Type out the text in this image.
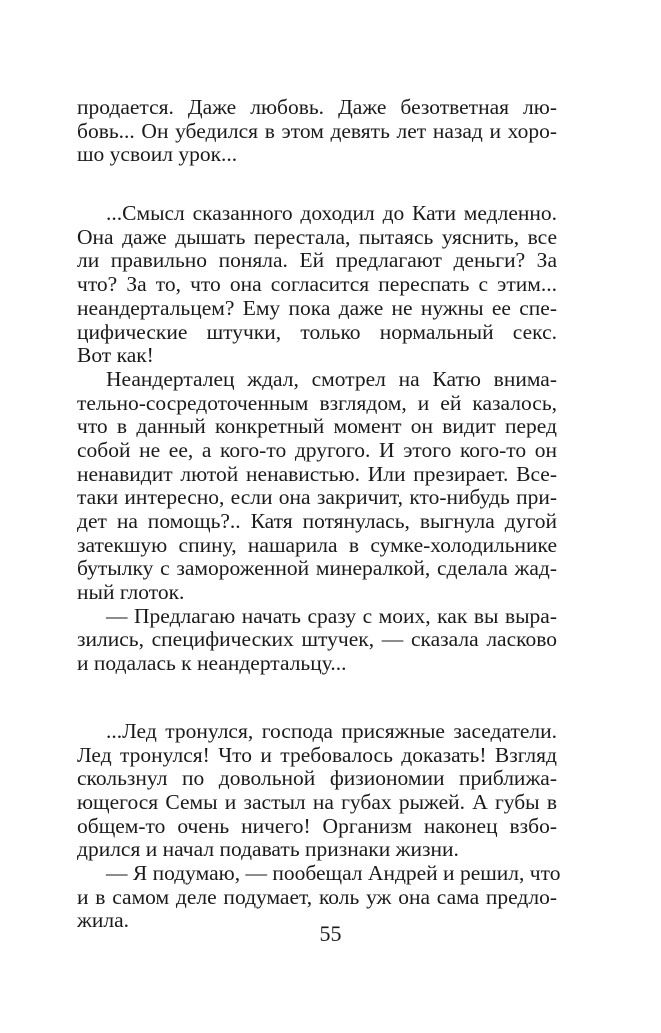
продается. Даже любовь. Даже безответная лю-
бовь... Он убедился в этом девять лет назад и хоро-
шо усвоил урок...
...Смысл сказанного доходил до Кати медленно.
Она даже дышать перестала, пытаясь уяснить, все
ли правильно поняла. Ей предлагают деньги? За
что? За то, что она согласится переспать с этим...
неандертальцем? Ему пока даже не нужны ее спе-
цифические штучки, только нормальный секс.
Вот как!
Неандерталец ждал, смотрел на Катю внима-
тельно-сосредоточенным взглядом, и ей казалось,
что в данный конкретный момент он видит перед
собой не ее, а кого-то другого. И этого кого-то он
ненавидит лютой ненавистью. Или презирает. Все-
таки интересно, если она закричит, кто-нибудь при-
дет на помощь?.. Катя потянулась, выгнула дугой
затекшую спину, нашарила в сумке-холодильнике
бутылку с замороженной минералкой, сделала жад-
ный глоток.
— Предлагаю начать сразу с моих, как вы выра-
зились, специфических штучек, — сказала ласково
и подалась к неандертальцу...
...Лед тронулся, господа присяжные заседатели.
Лед тронулся! Что и требовалось доказать! Взгляд
скользнул по довольной физиономии приближа-
ющегося Семы и застыл на губах рыжей. А губы в
общем-то очень ничего! Организм наконец взбо-
дрился и начал подавать признаки жизни.
— Я подумаю, — пообещал Андрей и решил, что
и в самом деле подумает, коль уж она сама предло-
жила.
55
